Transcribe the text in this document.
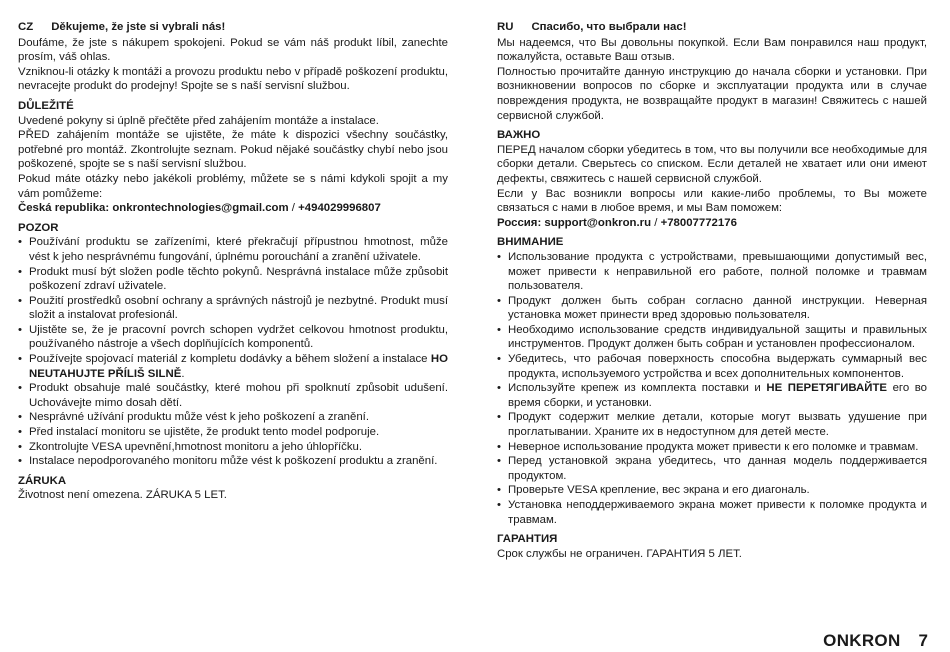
CZ Děkujeme, že jste si vybrali nás!

Doufáme, že jste s nákupem spokojeni. Pokud se vám náš produkt líbil, zanechte prosím, váš ohlas.

Vzniknou-li otázky k montáži a provozu produktu nebo v případě poškození produktu, nevracejte produkt do prodejny! Spojte se s naší servisní službou.

DŮLEŽITÉ

Uvedené pokyny si úplně přečtěte před zahájením montáže a instalace.

PŘED zahájením montáže se ujistěte, že máte k dispozici všechny součástky, potřebné pro montáž. Zkontrolujte seznam. Pokud nějaké součástky chybí nebo jsou poškozené, spojte se s naší servisní službou.

Pokud máte otázky nebo jakékoli problémy, můžete se s námi kdykoli spojit a my vám pomůžeme:

Česká republika: onkrontechnologies@gmail.com / +494029996807

POZOR
• Používání produktu se zařízeními, které překračují přípustnou hmotnost, může vést k jeho nesprávnému fungování, úplnému porouchání a zranění uživatele.
• Produkt musí být složen podle těchto pokynů. Nesprávná instalace může způsobit poškození zdraví uživatele.
• Použití prostředků osobní ochrany a správných nástrojů je nezbytné. Produkt musí složit a instalovat profesionál.
• Ujistěte se, že je pracovní povrch schopen vydržet celkovou hmotnost produktu, používaného nástroje a všech doplňujících komponentů.
• Používejte spojovací materiál z kompletu dodávky a během složení a instalace HO NEUTAHUJTE PŘÍLIŠ SILNĚ.
• Produkt obsahuje malé součástky, které mohou při spolknutí způsobit udušení. Uchovávejte mimo dosah dětí.
• Nesprávné užívání produktu může vést k jeho poškození a zranění.
• Před instalací monitoru se ujistěte, že produkt tento model podporuje.
• Zkontrolujte VESA upevnění,hmotnost monitoru a jeho úhlopříčku.
• Instalace nepodporovaného monitoru může vést k poškození produktu a zranění.
ZÁRUKA

Životnost není omezena. ZÁRUKA 5 LET.

RU Спасибо, что выбрали нас!

Мы надеемся, что Вы довольны покупкой. Если Вам понравился наш продукт, пожалуйста, оставьте Ваш отзыв.

Полностью прочитайте данную инструкцию до начала сборки и установки. При возникновении вопросов по сборке и эксплуатации продукта или в случае повреждения продукта, не возвращайте продукт в магазин! Свяжитесь с нашей сервисной службой.

ВАЖНО

ПЕРЕД началом сборки убедитесь в том, что вы получили все необходимые для сборки детали. Сверьтесь со списком. Если деталей не хватает или они имеют дефекты, свяжитесь с нашей сервисной службой.

Если у Вас возникли вопросы или какие-либо проблемы, то Вы можете связаться с нами в любое время, и мы Вам поможем:

Россия: support@onkron.ru / +78007772176

ВНИМАНИЕ
• Использование продукта с устройствами, превышающими допустимый вес, может привести к неправильной его работе, полной поломке и травмам пользователя.
• Продукт должен быть собран согласно данной инструкции. Неверная установка может принести вред здоровью пользователя.
• Необходимо использование средств индивидуальной защиты и правильных инструментов. Продукт должен быть собран и установлен профессионалом.
• Убедитесь, что рабочая поверхность способна выдержать суммарный вес продукта, используемого устройства и всех дополнительных компонентов.
• Используйте крепеж из комплекта поставки и НЕ ПЕРЕТЯГИВАЙТЕ его во время сборки, и установки.
• Продукт содержит мелкие детали, которые могут вызвать удушение при проглатывании. Храните их в недоступном для детей месте.
• Неверное использование продукта может привести к его поломке и травмам.
• Перед установкой экрана убедитесь, что данная модель поддерживается продуктом.
• Проверьте VESA крепление, вес экрана и его диагональ.
• Установка неподдерживаемого экрана может привести к поломке продукта и травмам.
ГАРАНТИЯ

Срок службы не ограничен. ГАРАНТИЯ 5 ЛЕТ.

ONKRON 7
